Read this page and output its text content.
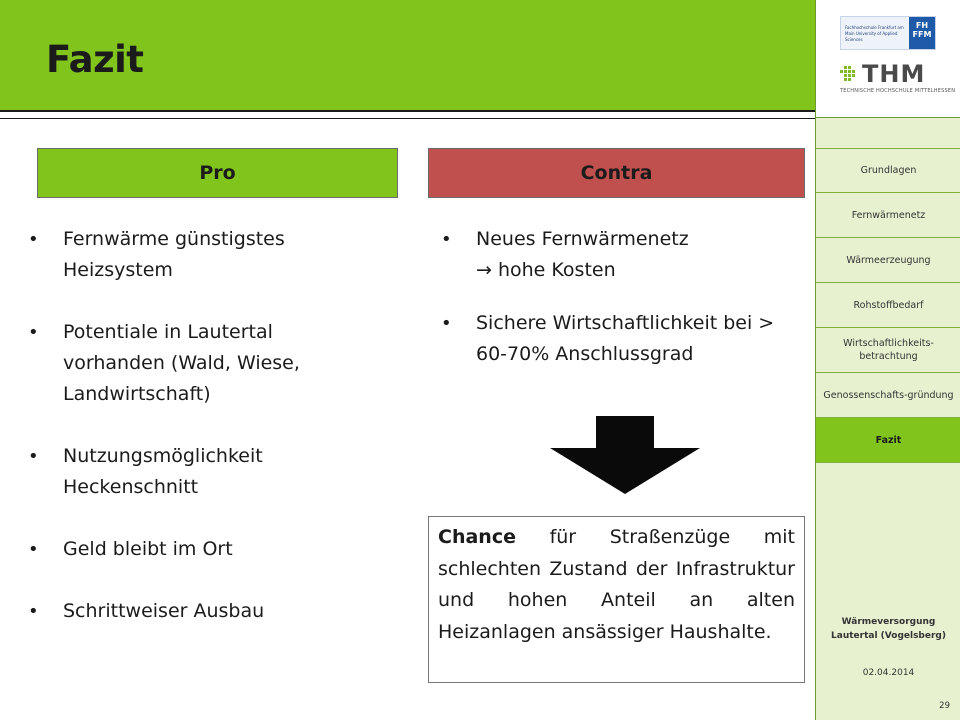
Fazit
Fachhochschule Frankfurt am Main University of Applied Sciences
FH
FFM
THM
TECHNISCHE HOCHSCHULE MITTELHESSEN
Grundlagen
Fernwärmenetz
Wärmeerzeugung
Rohstoffbedarf
Wirtschaftlichkeits-betrachtung
Genossenschafts-gründung
Fazit
Wärmeversorgung
Lautertal (Vogelsberg)
02.04.2014
29
Pro	Contra
• Fernwärme günstigstes Heizsystem
• Potentiale in Lautertal vorhanden (Wald, Wiese, Landwirtschaft)
• Nutzungsmöglichkeit Heckenschnitt
• Geld bleibt im Ort
• Schrittweiser Ausbau
• Neues Fernwärmenetz
→ hohe Kosten
• Sichere Wirtschaftlichkeit bei > 60-70% Anschlussgrad
Chance für Straßenzüge mit schlechten Zustand der Infrastruktur und hohen Anteil an alten Heizanlagen ansässiger Haushalte.
